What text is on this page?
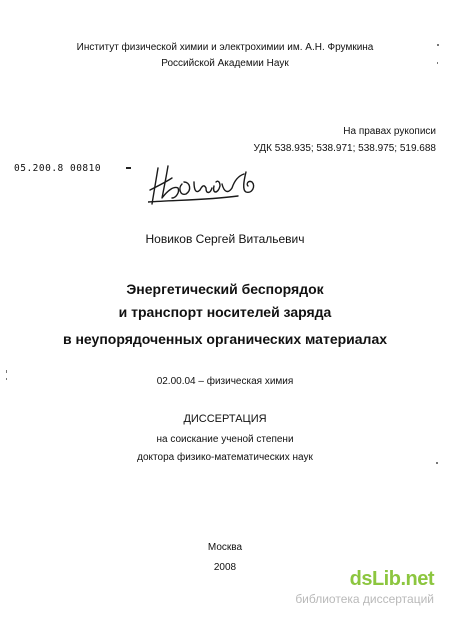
Институт физической химии и электрохимии им. А.Н. Фрумкина
Российской Академии Наук
На правах рукописи
УДК 538.935; 538.971; 538.975; 519.688
05.200.8 00810
Новиков Сергей Витальевич
Энергетический беспорядок
и транспорт носителей заряда
в неупорядоченных органических материалах
02.00.04 – физическая химия
ДИССЕРТАЦИЯ
на соискание ученой степени
доктора физико-математических наук
Москва
2008
dsLib.net
библиотека диссертаций
